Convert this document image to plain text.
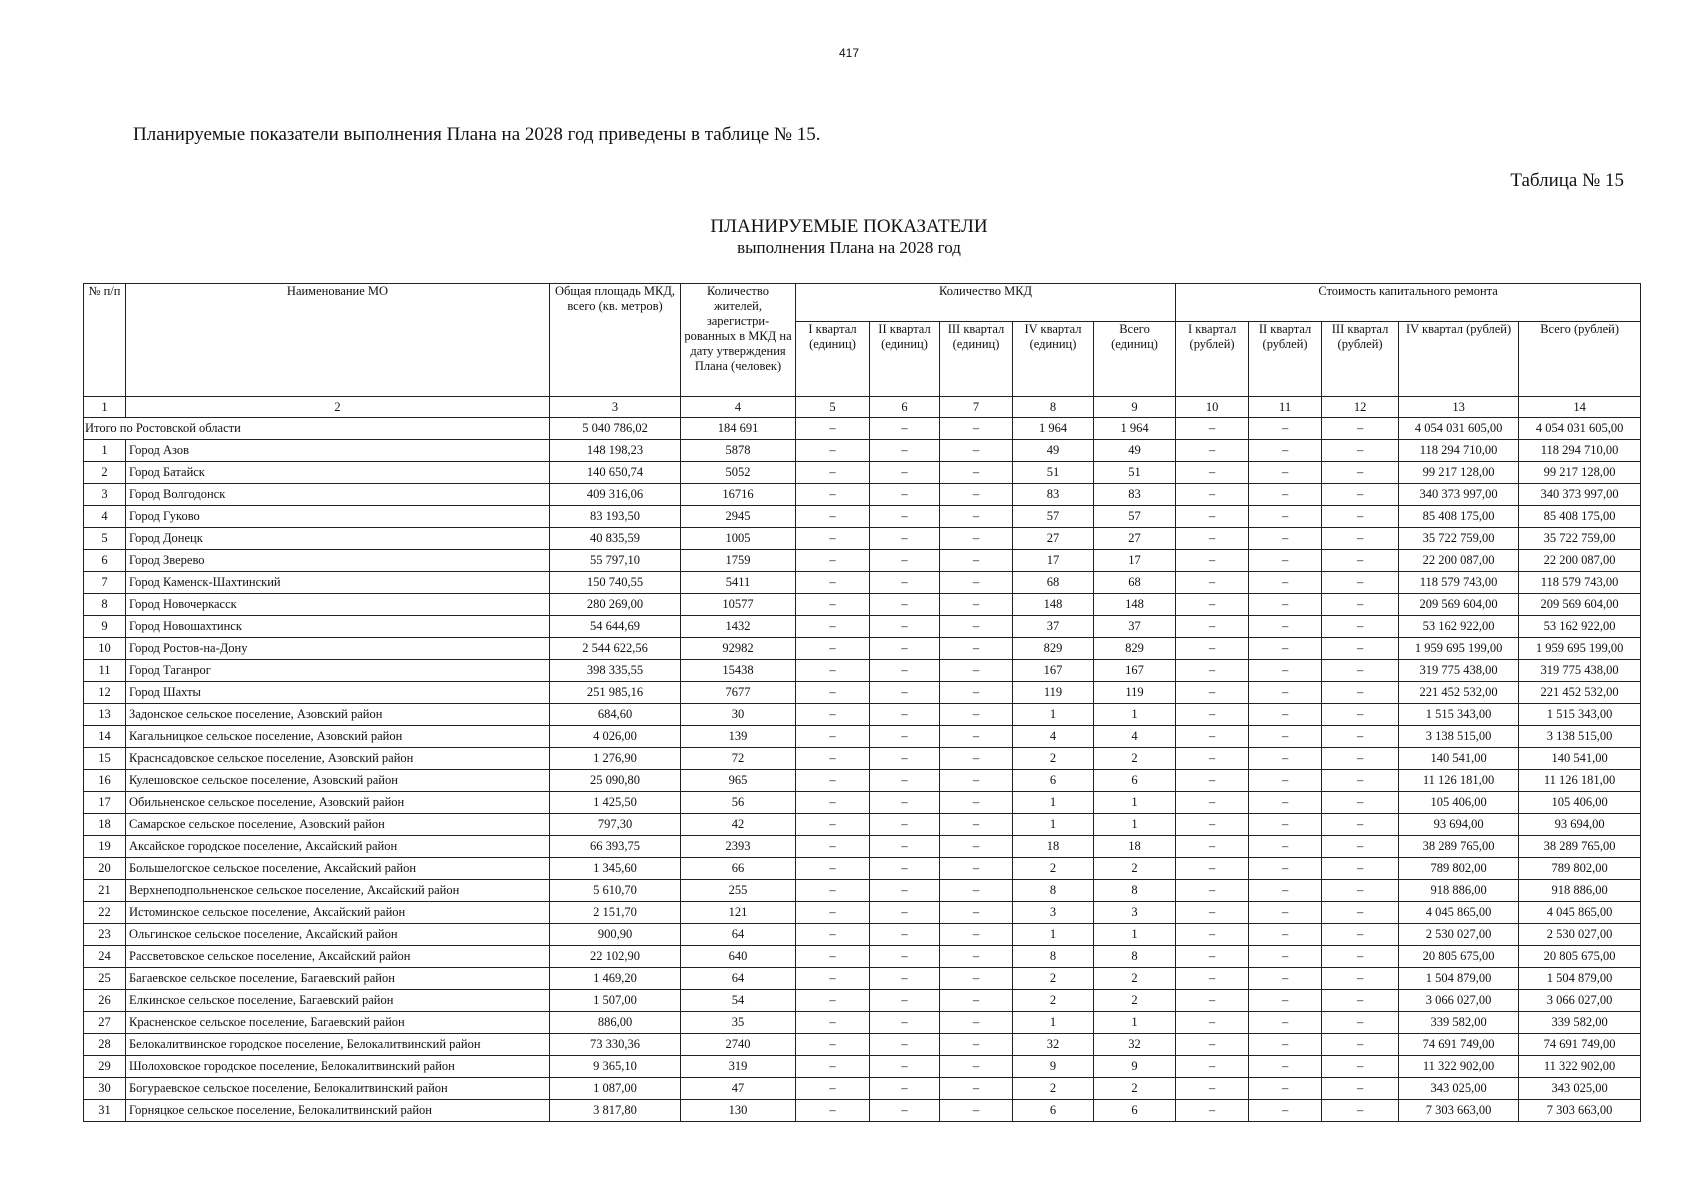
417
Планируемые показатели выполнения Плана на 2028 год приведены в таблице № 15.
Таблица № 15
ПЛАНИРУЕМЫЕ ПОКАЗАТЕЛИ
выполнения Плана на 2028 год
№ п/п	Наименование МО	Общая площадь МКД, всего (кв. метров)	Количество жителей, зарегистри-рованных в МКД на дату утверждения Плана (человек)	Количество МКД					Стоимость капитального ремонта				
				I квартал (единиц)	II квартал (единиц)	III квартал (единиц)	IV квартал (единиц)	Всего (единиц)	I квартал (рублей)	II квартал (рублей)	III квартал (рублей)	IV квартал (рублей)	Всего (рублей)
1	2	3	4	5	6	7	8	9	10	11	12	13	14
Итого по Ростовской области		5 040 786,02	184 691	–	–	–	1 964	1 964	–	–	–	4 054 031 605,00	4 054 031 605,00
1	Город Азов	148 198,23	5878	–	–	–	49	49	–	–	–	118 294 710,00	118 294 710,00
2	Город Батайск	140 650,74	5052	–	–	–	51	51	–	–	–	99 217 128,00	99 217 128,00
3	Город Волгодонск	409 316,06	16716	–	–	–	83	83	–	–	–	340 373 997,00	340 373 997,00
4	Город Гуково	83 193,50	2945	–	–	–	57	57	–	–	–	85 408 175,00	85 408 175,00
5	Город Донецк	40 835,59	1005	–	–	–	27	27	–	–	–	35 722 759,00	35 722 759,00
6	Город Зверево	55 797,10	1759	–	–	–	17	17	–	–	–	22 200 087,00	22 200 087,00
7	Город Каменск-Шахтинский	150 740,55	5411	–	–	–	68	68	–	–	–	118 579 743,00	118 579 743,00
8	Город Новочеркасск	280 269,00	10577	–	–	–	148	148	–	–	–	209 569 604,00	209 569 604,00
9	Город Новошахтинск	54 644,69	1432	–	–	–	37	37	–	–	–	53 162 922,00	53 162 922,00
10	Город Ростов-на-Дону	2 544 622,56	92982	–	–	–	829	829	–	–	–	1 959 695 199,00	1 959 695 199,00
11	Город Таганрог	398 335,55	15438	–	–	–	167	167	–	–	–	319 775 438,00	319 775 438,00
12	Город Шахты	251 985,16	7677	–	–	–	119	119	–	–	–	221 452 532,00	221 452 532,00
13	Задонское сельское поселение, Азовский район	684,60	30	–	–	–	1	1	–	–	–	1 515 343,00	1 515 343,00
14	Кагальницкое сельское поселение, Азовский район	4 026,00	139	–	–	–	4	4	–	–	–	3 138 515,00	3 138 515,00
15	Краснсадовское сельское поселение, Азовский район	1 276,90	72	–	–	–	2	2	–	–	–	140 541,00	140 541,00
16	Кулешовское сельское поселение, Азовский район	25 090,80	965	–	–	–	6	6	–	–	–	11 126 181,00	11 126 181,00
17	Обильненское сельское поселение, Азовский район	1 425,50	56	–	–	–	1	1	–	–	–	105 406,00	105 406,00
18	Самарское сельское поселение, Азовский район	797,30	42	–	–	–	1	1	–	–	–	93 694,00	93 694,00
19	Аксайское городское поселение, Аксайский район	66 393,75	2393	–	–	–	18	18	–	–	–	38 289 765,00	38 289 765,00
20	Большелогское сельское поселение, Аксайский район	1 345,60	66	–	–	–	2	2	–	–	–	789 802,00	789 802,00
21	Верхнеподпольненское сельское поселение, Аксайский район	5 610,70	255	–	–	–	8	8	–	–	–	918 886,00	918 886,00
22	Истоминское сельское поселение, Аксайский район	2 151,70	121	–	–	–	3	3	–	–	–	4 045 865,00	4 045 865,00
23	Ольгинское сельское поселение, Аксайский район	900,90	64	–	–	–	1	1	–	–	–	2 530 027,00	2 530 027,00
24	Рассветовское сельское поселение, Аксайский район	22 102,90	640	–	–	–	8	8	–	–	–	20 805 675,00	20 805 675,00
25	Багаевское сельское поселение, Багаевский район	1 469,20	64	–	–	–	2	2	–	–	–	1 504 879,00	1 504 879,00
26	Елкинское сельское поселение, Багаевский район	1 507,00	54	–	–	–	2	2	–	–	–	3 066 027,00	3 066 027,00
27	Красненское сельское поселение, Багаевский район	886,00	35	–	–	–	1	1	–	–	–	339 582,00	339 582,00
28	Белокалитвинское городское поселение, Белокалитвинский район	73 330,36	2740	–	–	–	32	32	–	–	–	74 691 749,00	74 691 749,00
29	Шолоховское городское поселение, Белокалитвинский район	9 365,10	319	–	–	–	9	9	–	–	–	11 322 902,00	11 322 902,00
30	Богураевское сельское поселение, Белокалитвинский район	1 087,00	47	–	–	–	2	2	–	–	–	343 025,00	343 025,00
31	Горняцкое сельское поселение, Белокалитвинский район	3 817,80	130	–	–	–	6	6	–	–	–	7 303 663,00	7 303 663,00
